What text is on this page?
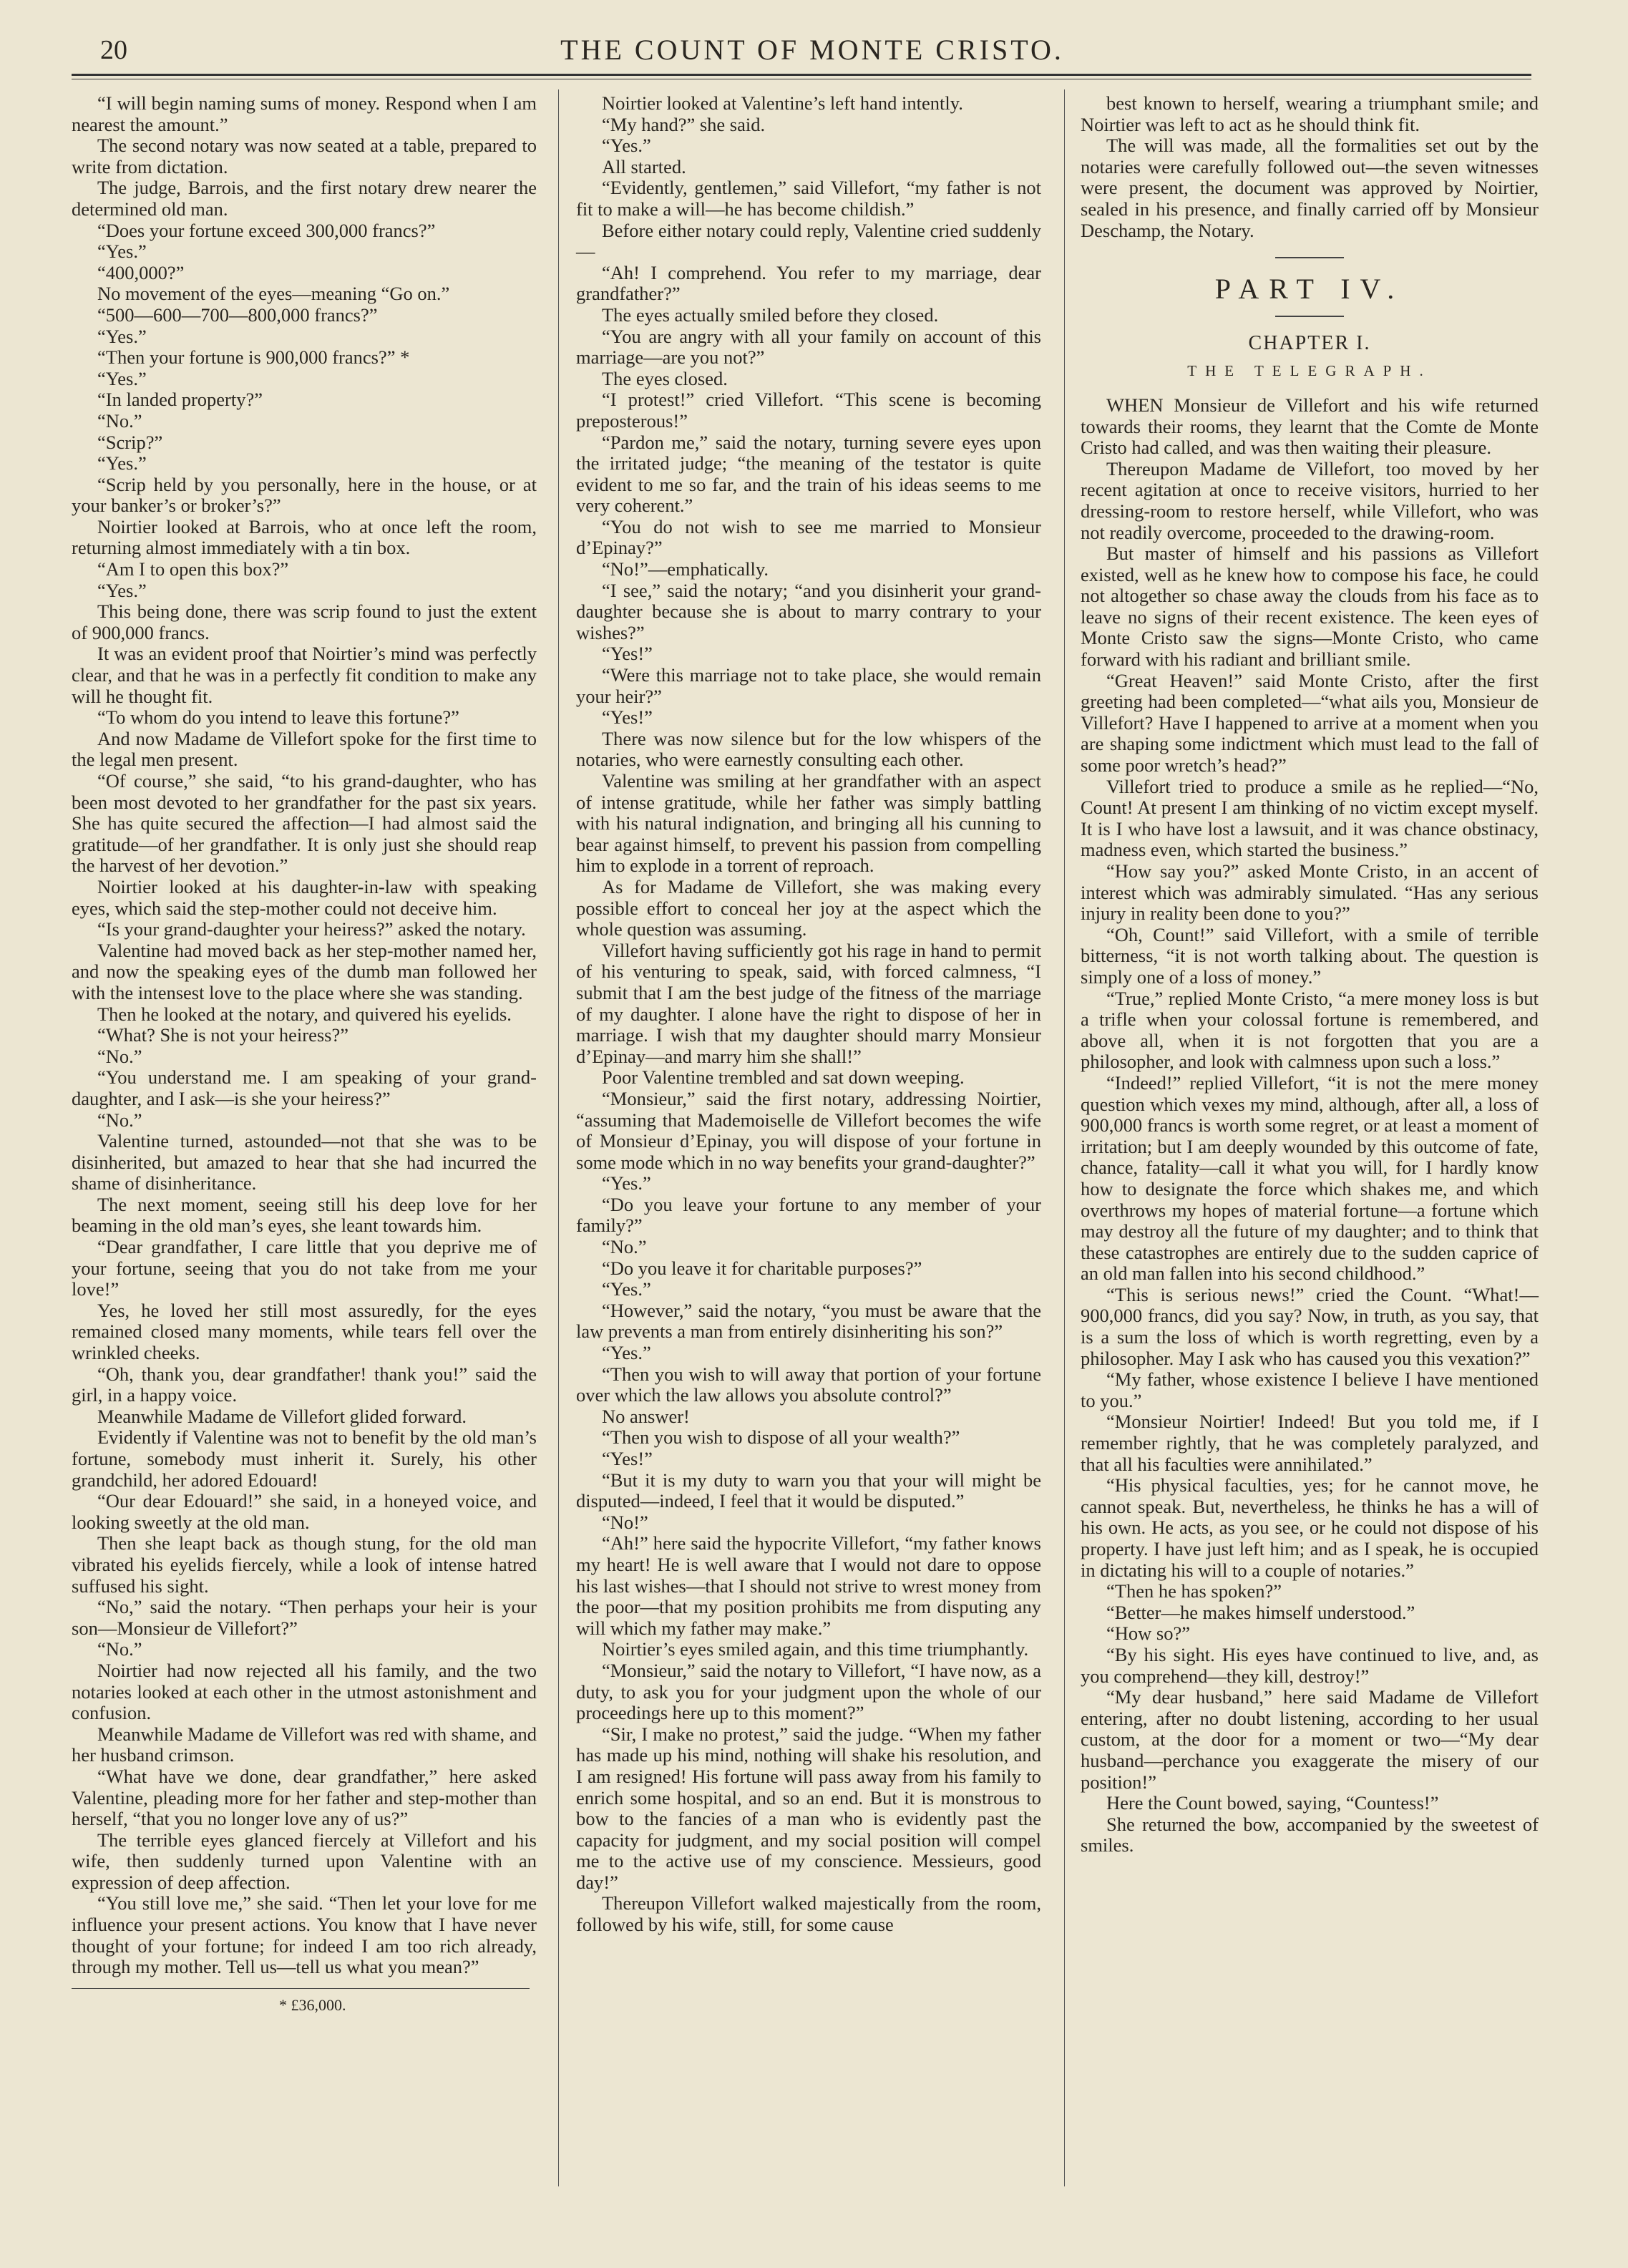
20	THE COUNT OF MONTE CRISTO.

“I will begin naming sums of money. Respond when I am nearest the amount.”

The second notary was now seated at a table, prepared to write from dictation.

The judge, Barrois, and the first notary drew nearer the determined old man.

“Does your fortune exceed 300,000 francs?”

“Yes.”

“400,000?”

No movement of the eyes—meaning “Go on.”

“500—600—700—800,000 francs?”

“Yes.”

“Then your fortune is 900,000 francs?” *

“Yes.”

“In landed property?”

“No.”

“Scrip?”

“Yes.”

“Scrip held by you personally, here in the house, or at your banker’s or broker’s?”

Noirtier looked at Barrois, who at once left the room, returning almost immediately with a tin box.

“Am I to open this box?”

“Yes.”

This being done, there was scrip found to just the extent of 900,000 francs.

It was an evident proof that Noirtier’s mind was perfectly clear, and that he was in a perfectly fit condition to make any will he thought fit.

“To whom do you intend to leave this fortune?”

And now Madame de Villefort spoke for the first time to the legal men present.

“Of course,” she said, “to his grand-daughter, who has been most devoted to her grandfather for the past six years. She has quite secured the affection—I had almost said the gratitude—of her grandfather. It is only just she should reap the harvest of her devotion.”

Noirtier looked at his daughter-in-law with speaking eyes, which said the step-mother could not deceive him.

“Is your grand-daughter your heiress?” asked the notary.

Valentine had moved back as her step-mother named her, and now the speaking eyes of the dumb man followed her with the intensest love to the place where she was standing.

Then he looked at the notary, and quivered his eyelids.

“What? She is not your heiress?”

“No.”

“You understand me. I am speaking of your grand-daughter, and I ask—is she your heiress?”

“No.”

Valentine turned, astounded—not that she was to be disinherited, but amazed to hear that she had incurred the shame of disinheritance.

The next moment, seeing still his deep love for her beaming in the old man’s eyes, she leant towards him.

“Dear grandfather, I care little that you deprive me of your fortune, seeing that you do not take from me your love!”

Yes, he loved her still most assuredly, for the eyes remained closed many moments, while tears fell over the wrinkled cheeks.

“Oh, thank you, dear grandfather! thank you!” said the girl, in a happy voice.

Meanwhile Madame de Villefort glided forward.

Evidently if Valentine was not to benefit by the old man’s fortune, somebody must inherit it. Surely, his other grandchild, her adored Edouard!

“Our dear Edouard!” she said, in a honeyed voice, and looking sweetly at the old man.

Then she leapt back as though stung, for the old man vibrated his eyelids fiercely, while a look of intense hatred suffused his sight.

“No,” said the notary. “Then perhaps your heir is your son—Monsieur de Villefort?”

“No.”

Noirtier had now rejected all his family, and the two notaries looked at each other in the utmost astonishment and confusion.

Meanwhile Madame de Villefort was red with shame, and her husband crimson.

“What have we done, dear grandfather,” here asked Valentine, pleading more for her father and step-mother than herself, “that you no longer love any of us?”

The terrible eyes glanced fiercely at Villefort and his wife, then suddenly turned upon Valentine with an expression of deep affection.

“You still love me,” she said. “Then let your love for me influence your present actions. You know that I have never thought of your fortune; for indeed I am too rich already, through my mother. Tell us—tell us what you mean?”

* £36,000.

Noirtier looked at Valentine’s left hand intently.

“My hand?” she said.

“Yes.”

All started.

“Evidently, gentlemen,” said Villefort, “my father is not fit to make a will—he has become childish.”

Before either notary could reply, Valentine cried suddenly—

“Ah! I comprehend. You refer to my marriage, dear grandfather?”

The eyes actually smiled before they closed.

“You are angry with all your family on account of this marriage—are you not?”

The eyes closed.

“I protest!” cried Villefort. “This scene is becoming preposterous!”

“Pardon me,” said the notary, turning severe eyes upon the irritated judge; “the meaning of the testator is quite evident to me so far, and the train of his ideas seems to me very coherent.”

“You do not wish to see me married to Monsieur d’Epinay?”

“No!”—emphatically.

“I see,” said the notary; “and you disinherit your grand-daughter because she is about to marry contrary to your wishes?”

“Yes!”

“Were this marriage not to take place, she would remain your heir?”

“Yes!”

There was now silence but for the low whispers of the notaries, who were earnestly consulting each other.

Valentine was smiling at her grandfather with an aspect of intense gratitude, while her father was simply battling with his natural indignation, and bringing all his cunning to bear against himself, to prevent his passion from compelling him to explode in a torrent of reproach.

As for Madame de Villefort, she was making every possible effort to conceal her joy at the aspect which the whole question was assuming.

Villefort having sufficiently got his rage in hand to permit of his venturing to speak, said, with forced calmness, “I submit that I am the best judge of the fitness of the marriage of my daughter. I alone have the right to dispose of her in marriage. I wish that my daughter should marry Monsieur d’Epinay—and marry him she shall!”

Poor Valentine trembled and sat down weeping.

“Monsieur,” said the first notary, addressing Noirtier, “assuming that Mademoiselle de Villefort becomes the wife of Monsieur d’Epinay, you will dispose of your fortune in some mode which in no way benefits your grand-daughter?”

“Yes.”

“Do you leave your fortune to any member of your family?”

“No.”

“Do you leave it for charitable purposes?”

“Yes.”

“However,” said the notary, “you must be aware that the law prevents a man from entirely disinheriting his son?”

“Yes.”

“Then you wish to will away that portion of your fortune over which the law allows you absolute control?”

No answer!

“Then you wish to dispose of all your wealth?”

“Yes!”

“But it is my duty to warn you that your will might be disputed—indeed, I feel that it would be disputed.”

“No!”

“Ah!” here said the hypocrite Villefort, “my father knows my heart! He is well aware that I would not dare to oppose his last wishes—that I should not strive to wrest money from the poor—that my position prohibits me from disputing any will which my father may make.”

Noirtier’s eyes smiled again, and this time triumphantly.

“Monsieur,” said the notary to Villefort, “I have now, as a duty, to ask you for your judgment upon the whole of our proceedings here up to this moment?”

“Sir, I make no protest,” said the judge. “When my father has made up his mind, nothing will shake his resolution, and I am resigned! His fortune will pass away from his family to enrich some hospital, and so an end. But it is monstrous to bow to the fancies of a man who is evidently past the capacity for judgment, and my social position will compel me to the active use of my conscience. Messieurs, good day!”

Thereupon Villefort walked majestically from the room, followed by his wife, still, for some cause

best known to herself, wearing a triumphant smile; and Noirtier was left to act as he should think fit.

The will was made, all the formalities set out by the notaries were carefully followed out—the seven witnesses were present, the document was approved by Noirtier, sealed in his presence, and finally carried off by Monsieur Deschamp, the Notary.

PART IV.
CHAPTER I.
THE TELEGRAPH.

WHEN Monsieur de Villefort and his wife returned towards their rooms, they learnt that the Comte de Monte Cristo had called, and was then waiting their pleasure.

Thereupon Madame de Villefort, too moved by her recent agitation at once to receive visitors, hurried to her dressing-room to restore herself, while Villefort, who was not readily overcome, proceeded to the drawing-room.

But master of himself and his passions as Villefort existed, well as he knew how to compose his face, he could not altogether so chase away the clouds from his face as to leave no signs of their recent existence. The keen eyes of Monte Cristo saw the signs—Monte Cristo, who came forward with his radiant and brilliant smile.

“Great Heaven!” said Monte Cristo, after the first greeting had been completed—“what ails you, Monsieur de Villefort? Have I happened to arrive at a moment when you are shaping some indictment which must lead to the fall of some poor wretch’s head?”

Villefort tried to produce a smile as he replied—“No, Count! At present I am thinking of no victim except myself. It is I who have lost a lawsuit, and it was chance obstinacy, madness even, which started the business.”

“How say you?” asked Monte Cristo, in an accent of interest which was admirably simulated. “Has any serious injury in reality been done to you?”

“Oh, Count!” said Villefort, with a smile of terrible bitterness, “it is not worth talking about. The question is simply one of a loss of money.”

“True,” replied Monte Cristo, “a mere money loss is but a trifle when your colossal fortune is remembered, and above all, when it is not forgotten that you are a philosopher, and look with calmness upon such a loss.”

“Indeed!” replied Villefort, “it is not the mere money question which vexes my mind, although, after all, a loss of 900,000 francs is worth some regret, or at least a moment of irritation; but I am deeply wounded by this outcome of fate, chance, fatality—call it what you will, for I hardly know how to designate the force which shakes me, and which overthrows my hopes of material fortune—a fortune which may destroy all the future of my daughter; and to think that these catastrophes are entirely due to the sudden caprice of an old man fallen into his second childhood.”

“This is serious news!” cried the Count. “What!—900,000 francs, did you say? Now, in truth, as you say, that is a sum the loss of which is worth regretting, even by a philosopher. May I ask who has caused you this vexation?”

“My father, whose existence I believe I have mentioned to you.”

“Monsieur Noirtier! Indeed! But you told me, if I remember rightly, that he was completely paralyzed, and that all his faculties were annihilated.”

“His physical faculties, yes; for he cannot move, he cannot speak. But, nevertheless, he thinks he has a will of his own. He acts, as you see, or he could not dispose of his property. I have just left him; and as I speak, he is occupied in dictating his will to a couple of notaries.”

“Then he has spoken?”

“Better—he makes himself understood.”

“How so?”

“By his sight. His eyes have continued to live, and, as you comprehend—they kill, destroy!”

“My dear husband,” here said Madame de Villefort entering, after no doubt listening, according to her usual custom, at the door for a moment or two—“My dear husband—perchance you exaggerate the misery of our position!”

Here the Count bowed, saying, “Countess!”

She returned the bow, accompanied by the sweetest of smiles.
